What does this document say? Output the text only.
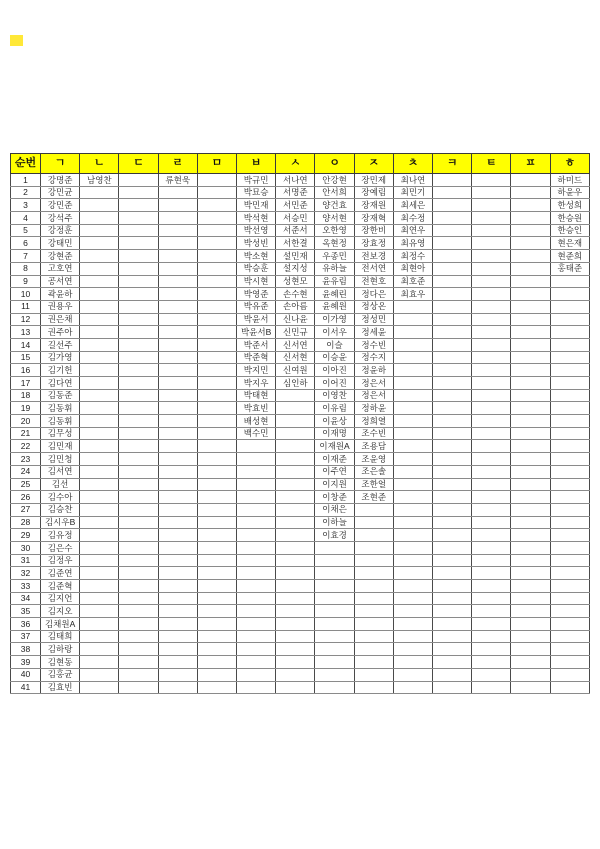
순번	ㄱ	ㄴ	ㄷ	ㄹ	ㅁ	ㅂ	ㅅ	ㅇ	ㅈ	ㅊ	ㅋ	ㅌ	ㅍ	ㅎ
1	강명준	남영찬		류현욱		박규민	서나연	안강현	장민제	최나연				하미드
2	강민균					박묘승	서명준	안서희	장예림	최민기				하윤우
3	강민준					박민재	서민준	양건효	장재원	최세은				한성희
4	강석주					박석현	서승민	양서현	장재혁	최수정				한승원
5	강정훈					박선영	서준서	오한영	장한비	최연우				한승인
6	강태민					박성빈	서한결	옥현정	장효정	최유영				현은재
7	강현준					박소현	설민재	우종민	전보경	최정수				현준희
8	고호연					박승훈	설지성	유하늘	전서연	최현아				홍태준
9	공서연					박시현	성현모	윤유림	전현호	최호준				
10	곽윤하					박영준	손수현	윤혜린	정다은	최효우				
11	권용우					박유준	손아름	윤혜원	정상온					
12	권은채					박윤서	신나윤	이가영	정성민					
13	권주아					박윤서B	신민규	이서우	정세윤					
14	길선주					박준서	신서연	이슬	정수빈					
15	김가영					박준혁	신서현	이승윤	정수지					
16	김기헌					박지민	신여원	이아진	정윤하					
17	김다연					박지우	심인하	이어진	정은서					
18	김동준					박태현		이영찬	정은서					
19	김동휘					박효빈		이유림	정하윤					
20	김동휘					배성현		이윤상	정희열					
21	김무성					백수민		이재명	조수빈					
22	김민재							이재원A	조용담					
23	김민청							이재준	조윤영					
24	김서연							이주연	조은솔					
25	김선							이지원	조한얼					
26	김수아							이창준	조현준					
27	김승찬							이채은						
28	김시우B							이하늘						
29	김유정							이효경						
30	김은수													
31	김정우													
32	김준연													
33	김준혁													
34	김지언													
35	김지오													
36	김채원A													
37	김태희													
38	김하랑													
39	김현동													
40	김홍균													
41	김효빈													
